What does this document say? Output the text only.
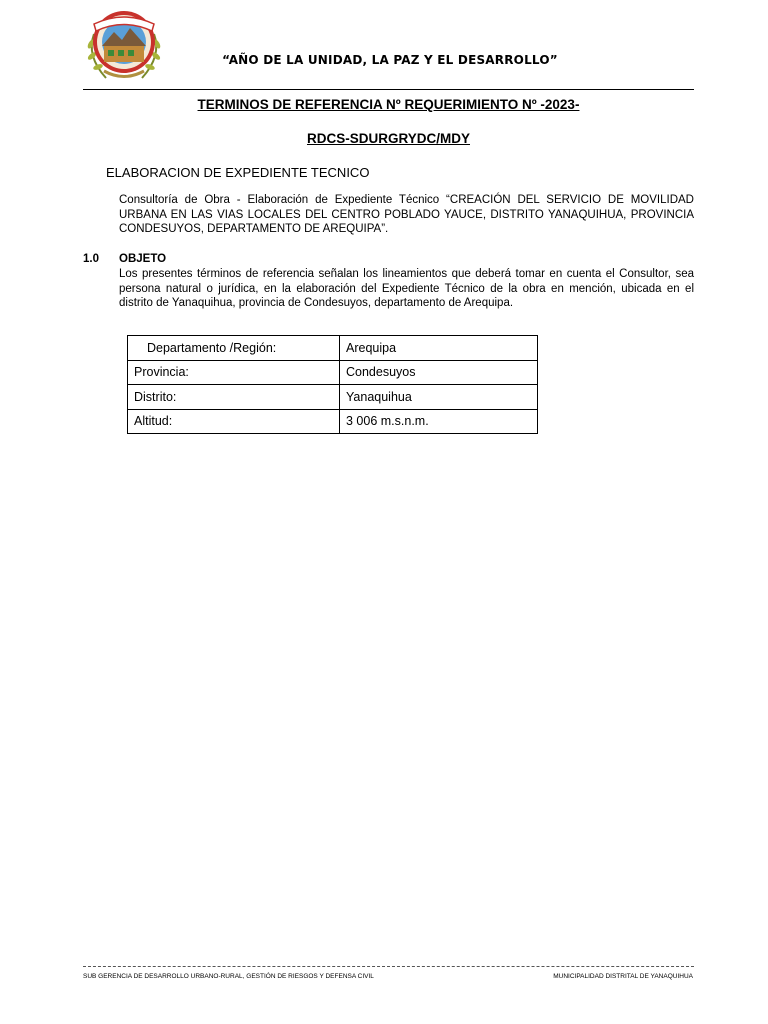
“AÑO DE LA UNIDAD, LA PAZ Y EL DESARROLLO”
TERMINOS DE REFERENCIA Nº REQUERIMIENTO Nº -2023-
RDCS-SDURGRYDC/MDY
ELABORACION DE EXPEDIENTE TECNICO
Consultoría de Obra - Elaboración de Expediente Técnico “CREACIÓN DEL SERVICIO DE MOVILIDAD URBANA EN LAS VIAS LOCALES DEL CENTRO POBLADO YAUCE, DISTRITO YANAQUIHUA, PROVINCIA CONDESUYOS, DEPARTAMENTO DE AREQUIPA”.
1.0 OBJETO
Los presentes términos de referencia señalan los lineamientos que deberá tomar en cuenta el Consultor, sea persona natural o jurídica, en la elaboración del Expediente Técnico de la obra en mención, ubicada en el distrito de Yanaquihua, provincia de Condesuyos, departamento de Arequipa.
Departamento /Región:	Arequipa
Provincia:	Condesuyos
Distrito:	Yanaquihua
Altitud:	3 006 m.s.n.m.
SUB GERENCIA DE DESARROLLO URBANO-RURAL, GESTIÓN DE RIESGOS Y DEFENSA CIVIL	MUNICIPALIDAD DISTRITAL DE YANAQUIHUA
